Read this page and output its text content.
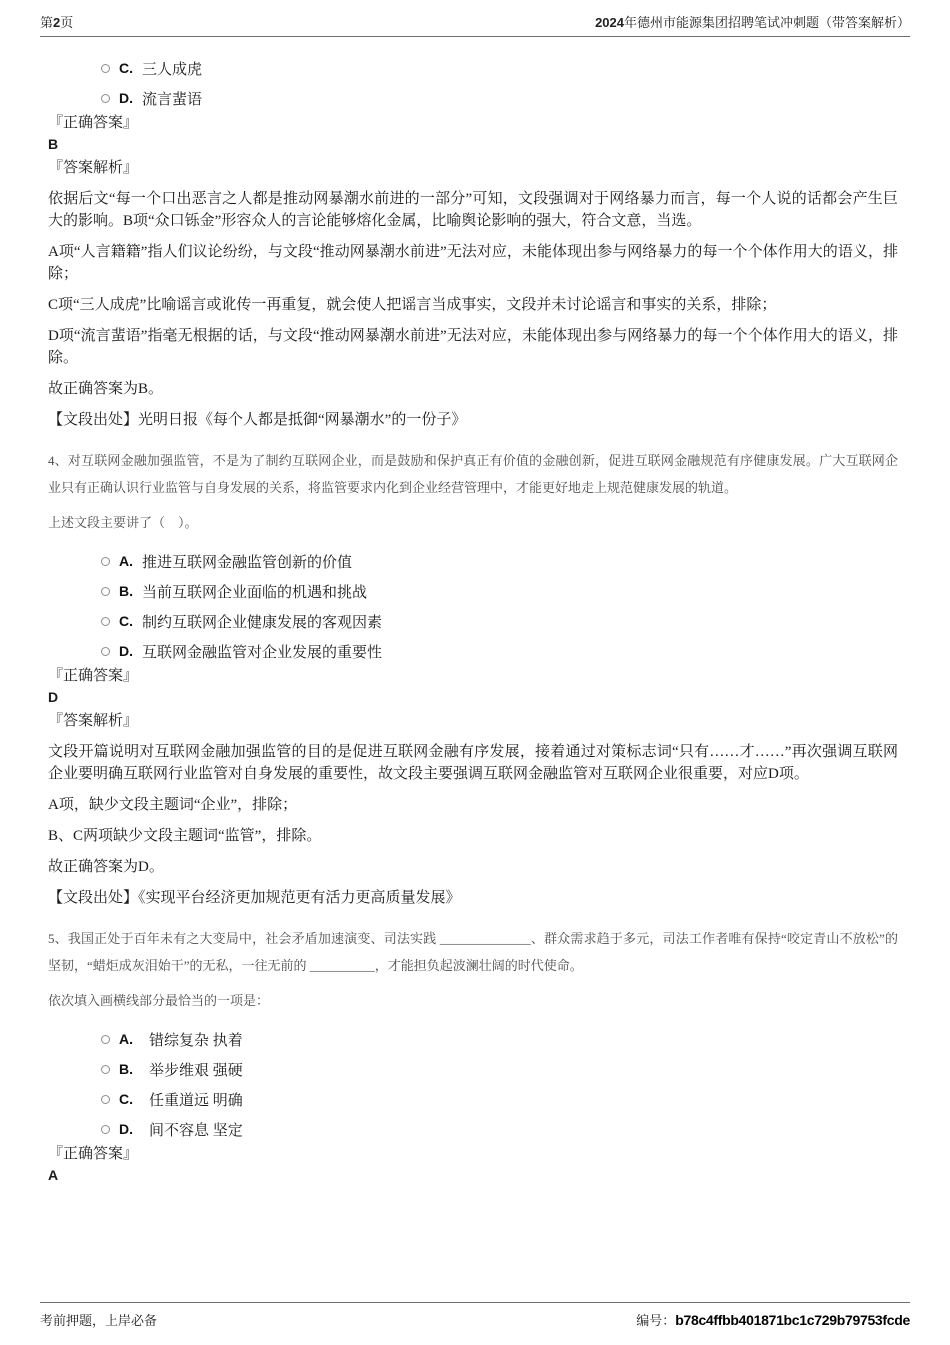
第2页	2024年德州市能源集团招聘笔试冲刺题（带答案解析）
C. 三人成虎
D. 流言蜚语
『正确答案』
B
『答案解析』

依据后文“每一个口出恶言之人都是推动网暴潮水前进的一部分”可知，文段强调对于网络暴力而言，每一个人说的话都会产生巨大的影响。B项“众口铄金”形容众人的言论能够熔化金属，比喻舆论影响的强大，符合文意，当选。

A项“人言籍籍”指人们议论纷纷，与文段“推动网暴潮水前进”无法对应，未能体现出参与网络暴力的每一个个体作用大的语义，排除；

C项“三人成虎”比喻谣言或讹传一再重复，就会使人把谣言当成事实，文段并未讨论谣言和事实的关系，排除；

D项“流言蜚语”指毫无根据的话，与文段“推动网暴潮水前进”无法对应，未能体现出参与网络暴力的每一个个体作用大的语义，排除。

故正确答案为B。

【文段出处】光明日报《每个人都是抵御“网暴潮水”的一份子》
4、对互联网金融加强监管，不是为了制约互联网企业，而是鼓励和保护真正有价值的金融创新，促进互联网金融规范有序健康发展。广大互联网企业只有正确认识行业监管与自身发展的关系，将监管要求内化到企业经营管理中，才能更好地走上规范健康发展的轨道。
上述文段主要讲了（　）。
A. 推进互联网金融监管创新的价值
B. 当前互联网企业面临的机遇和挑战
C. 制约互联网企业健康发展的客观因素
D. 互联网金融监管对企业发展的重要性
『正确答案』
D
『答案解析』

文段开篇说明对互联网金融加强监管的目的是促进互联网金融有序发展，接着通过对策标志词“只有……才……”再次强调互联网企业要明确互联网行业监管对自身发展的重要性，故文段主要强调互联网金融监管对互联网企业很重要，对应D项。

A项，缺少文段主题词“企业”，排除；

B、C两项缺少文段主题词“监管”，排除。

故正确答案为D。

【文段出处】《实现平台经济更加规范更有活力更高质量发展》
5、我国正处于百年未有之大变局中，社会矛盾加速演变、司法实践 ______________、群众需求趋于多元，司法工作者唯有保持“咬定青山不放松”的坚韧，“蜡炬成灰泪始干”的无私，一往无前的 __________，才能担负起波澜壮阔的时代使命。
依次填入画横线部分最恰当的一项是：
A. 错综复杂 执着
B. 举步维艰 强硬
C. 任重道远 明确
D. 间不容息 坚定
『正确答案』
A
考前押题，上岸必备	编号：b78c4ffbb401871bc1c729b79753fcde
